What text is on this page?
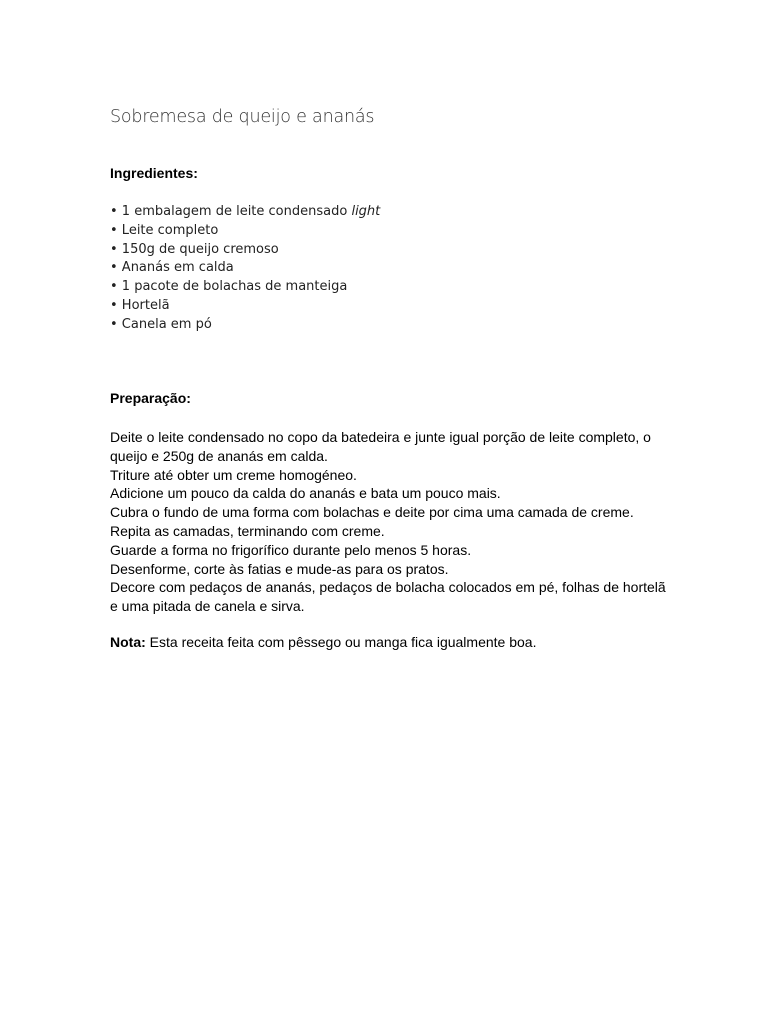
Sobremesa de queijo e ananás
Ingredientes:
• 1 embalagem de leite condensado light
• Leite completo
• 150g de queijo cremoso
• Ananás em calda
• 1 pacote de bolachas de manteiga
• Hortelã
• Canela em pó
Preparação:

Deite o leite condensado no copo da batedeira e junte igual porção de leite completo, o queijo e 250g de ananás em calda.

Triture até obter um creme homogéneo.

Adicione um pouco da calda do ananás e bata um pouco mais.

Cubra o fundo de uma forma com bolachas e deite por cima uma camada de creme.

Repita as camadas, terminando com creme.

Guarde a forma no frigorífico durante pelo menos 5 horas.

Desenforme, corte às fatias e mude-as para os pratos.

Decore com pedaços de ananás, pedaços de bolacha colocados em pé, folhas de hortelã e uma pitada de canela e sirva.

Nota: Esta receita feita com pêssego ou manga fica igualmente boa.
